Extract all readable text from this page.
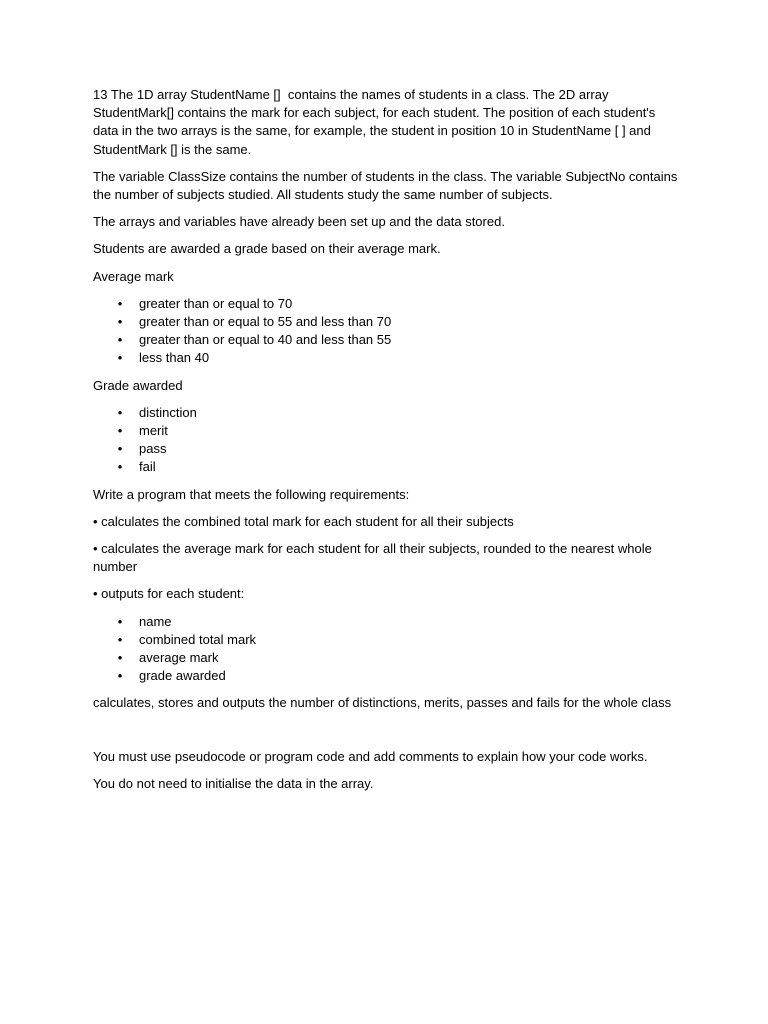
13 The 1D array StudentName []  contains the names of students in a class. The 2D array StudentMark[] contains the mark for each subject, for each student. The position of each student's data in the two arrays is the same, for example, the student in position 10 in StudentName [ ] and StudentMark [] is the same.

The variable ClassSize contains the number of students in the class. The variable SubjectNo contains the number of subjects studied. All students study the same number of subjects.

The arrays and variables have already been set up and the data stored.

Students are awarded a grade based on their average mark.

Average mark

• greater than or equal to 70
• greater than or equal to 55 and less than 70
• greater than or equal to 40 and less than 55
• less than 40

Grade awarded

• distinction
• merit
• pass
• fail

Write a program that meets the following requirements:

• calculates the combined total mark for each student for all their subjects

• calculates the average mark for each student for all their subjects, rounded to the nearest whole number

• outputs for each student:

• name
• combined total mark
• average mark
• grade awarded

calculates, stores and outputs the number of distinctions, merits, passes and fails for the whole class

You must use pseudocode or program code and add comments to explain how your code works.

You do not need to initialise the data in the array.
